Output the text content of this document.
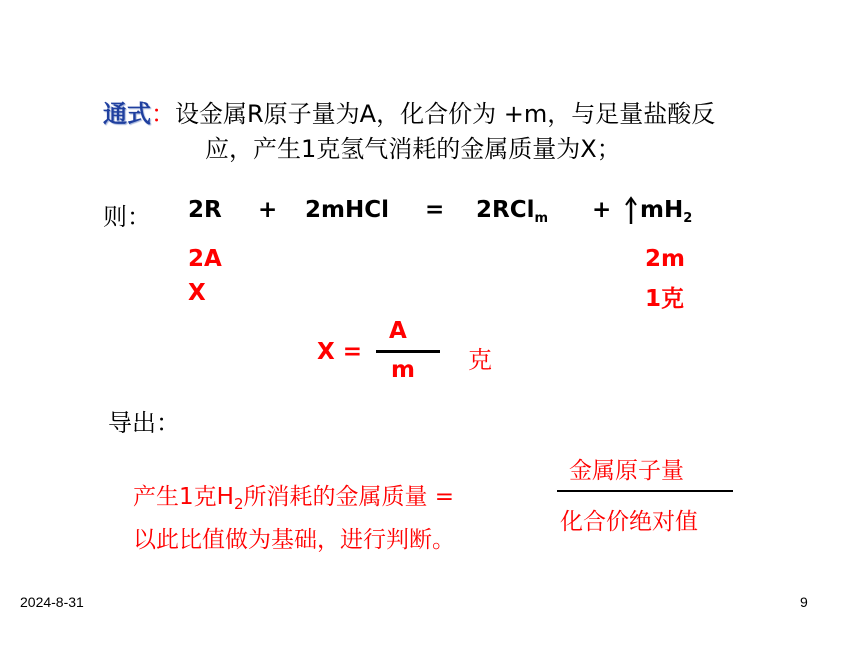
通式：设金属R原子量为A，化合价为 +m，与足量盐酸反
应，产生1克氢气消耗的金属质量为X；
则： 2R + 2mHCl = $2RCl_m + mH_2$
2A	2m
X	1克
X =
A
m 克
导出：
产生1克$H_2$所消耗的金属质量 =
以此比值做为基础，进行判断。
金属原子量
化合价绝对值
2024-8-31	9
